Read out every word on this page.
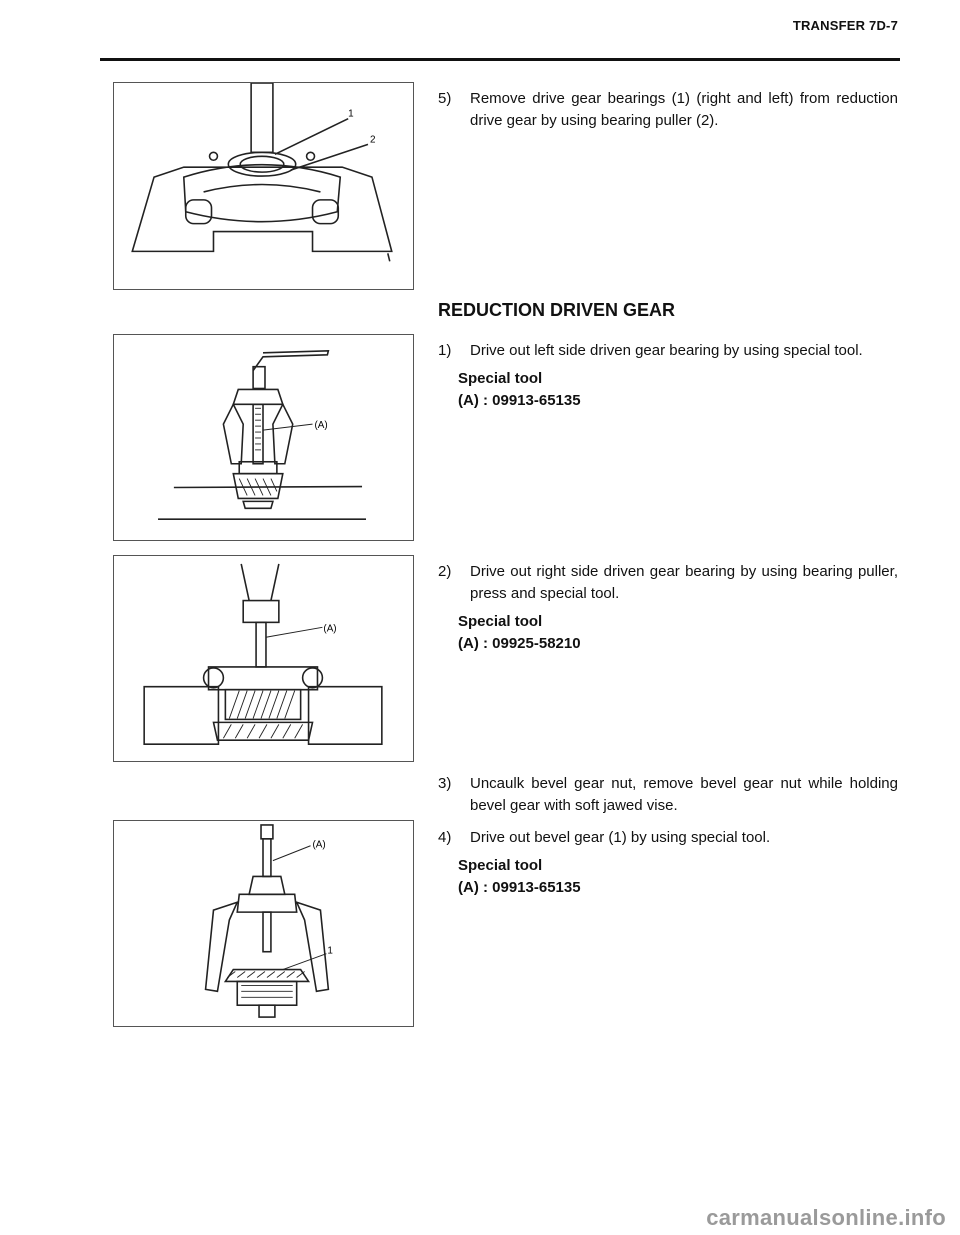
TRANSFER 7D-7
1
2

REDUCTION DRIVEN GEAR

(A)
(A)
(A)
1
5)	Remove drive gear bearings (1) (right and left) from reduction drive gear by using bearing puller (2).
1)	Drive out left side driven gear bearing by using special tool.
Special tool
(A) : 09913-65135
2)	Drive out right side driven gear bearing by using bearing puller, press and special tool.
Special tool
(A) : 09925-58210
3)	Uncaulk bevel gear nut, remove bevel gear nut while holding bevel gear with soft jawed vise.
4)	Drive out bevel gear (1) by using special tool.
Special tool
(A) : 09913-65135
carmanualsonline.info
